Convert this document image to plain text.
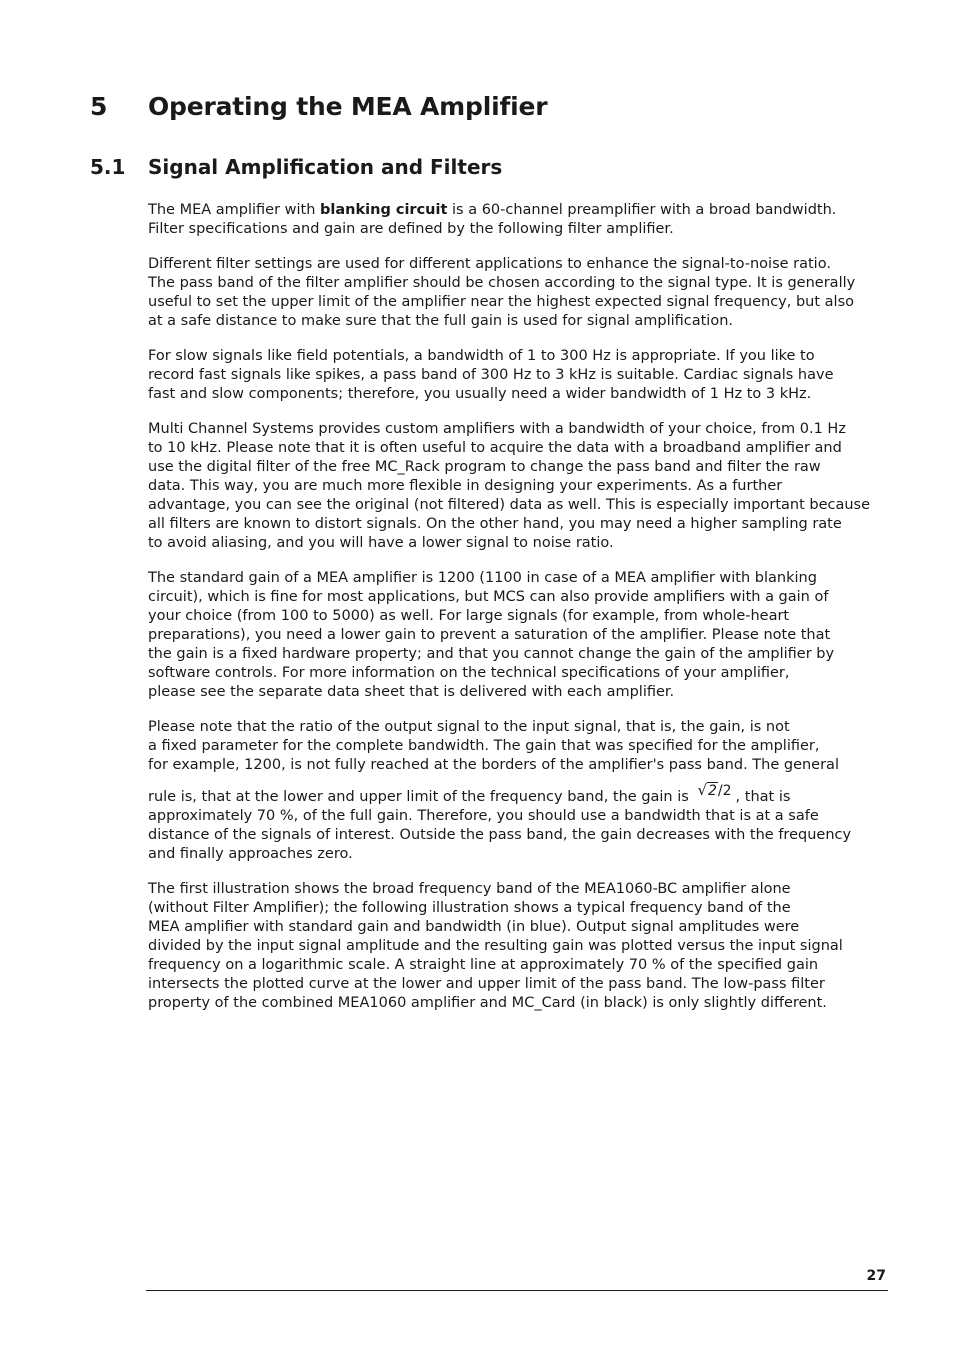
5 Operating the MEA Amplifier
5.1 Signal Amplification and Filters
The MEA amplifier with blanking circuit is a 60-channel preamplifier with a broad bandwidth.
Filter specifications and gain are defined by the following filter amplifier.
Different filter settings are used for different applications to enhance the signal-to-noise ratio.
The pass band of the filter amplifier should be chosen according to the signal type. It is generally
useful to set the upper limit of the amplifier near the highest expected signal frequency, but also
at a safe distance to make sure that the full gain is used for signal amplification.
For slow signals like field potentials, a bandwidth of 1 to 300 Hz is appropriate. If you like to
record fast signals like spikes, a pass band of 300 Hz to 3 kHz is suitable. Cardiac signals have
fast and slow components; therefore, you usually need a wider bandwidth of 1 Hz to 3 kHz.
Multi Channel Systems provides custom amplifiers with a bandwidth of your choice, from 0.1 Hz
to 10 kHz. Please note that it is often useful to acquire the data with a broadband amplifier and
use the digital filter of the free MC_Rack program to change the pass band and filter the raw
data. This way, you are much more flexible in designing your experiments. As a further
advantage, you can see the original (not filtered) data as well. This is especially important because
all filters are known to distort signals. On the other hand, you may need a higher sampling rate
to avoid aliasing, and you will have a lower signal to noise ratio.
The standard gain of a MEA amplifier is 1200 (1100 in case of a MEA amplifier with blanking
circuit), which is fine for most applications, but MCS can also provide amplifiers with a gain of
your choice (from 100 to 5000) as well. For large signals (for example, from whole-heart
preparations), you need a lower gain to prevent a saturation of the amplifier. Please note that
the gain is a fixed hardware property; and that you cannot change the gain of the amplifier by
software controls. For more information on the technical specifications of your amplifier,
please see the separate data sheet that is delivered with each amplifier.
Please note that the ratio of the output signal to the input signal, that is, the gain, is not
a fixed parameter for the complete bandwidth. The gain that was specified for the amplifier,
for example, 1200, is not fully reached at the borders of the amplifier's pass band. The general
rule is, that at the lower and upper limit of the frequency band, the gain is √2/2 , that is
approximately 70 %, of the full gain. Therefore, you should use a bandwidth that is at a safe
distance of the signals of interest. Outside the pass band, the gain decreases with the frequency
and finally approaches zero.
The first illustration shows the broad frequency band of the MEA1060-BC amplifier alone
(without Filter Amplifier); the following illustration shows a typical frequency band of the
MEA amplifier with standard gain and bandwidth (in blue). Output signal amplitudes were
divided by the input signal amplitude and the resulting gain was plotted versus the input signal
frequency on a logarithmic scale. A straight line at approximately 70 % of the specified gain
intersects the plotted curve at the lower and upper limit of the pass band. The low-pass filter
property of the combined MEA1060 amplifier and MC_Card (in black) is only slightly different.
27
